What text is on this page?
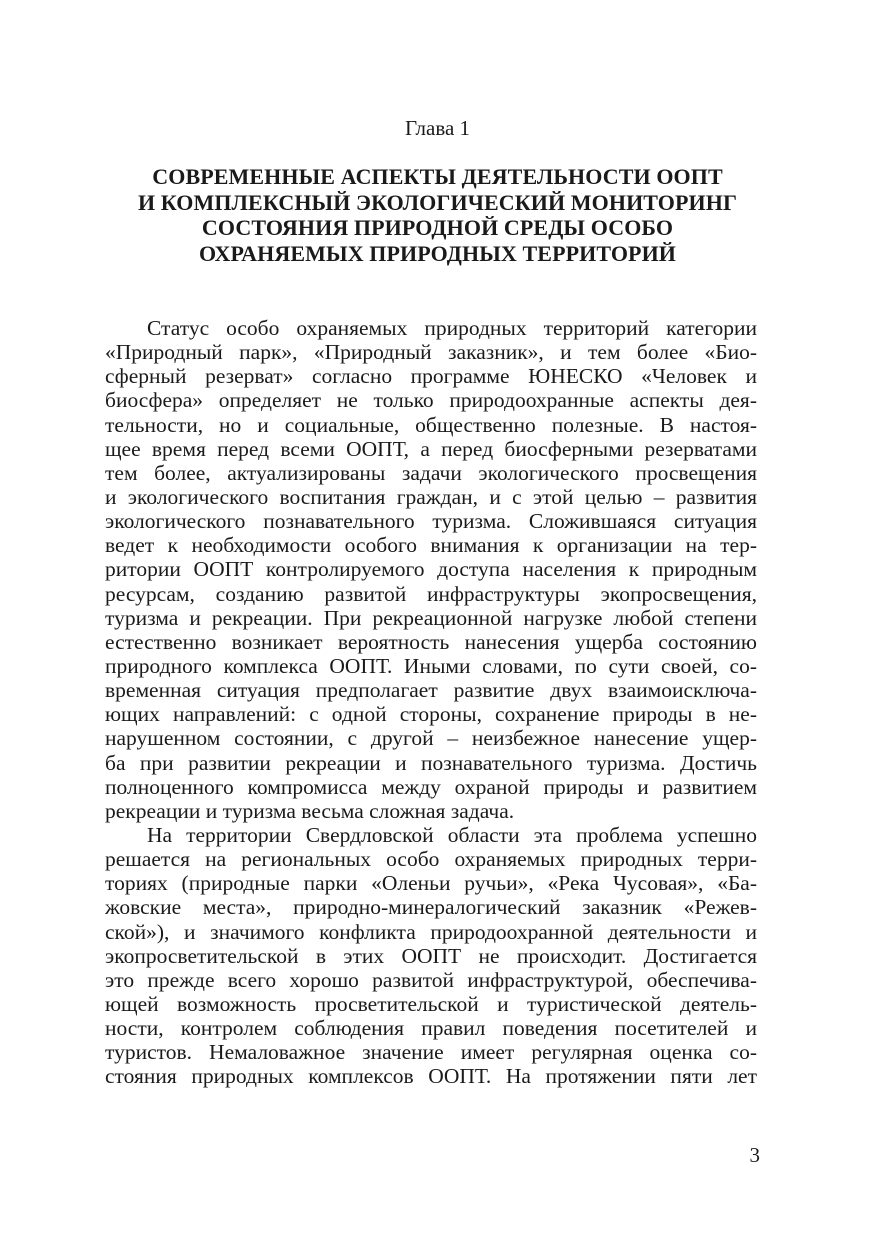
Глава 1
СОВРЕМЕННЫЕ АСПЕКТЫ ДЕЯТЕЛЬНОСТИ ООПТ
И КОМПЛЕКСНЫЙ ЭКОЛОГИЧЕСКИЙ МОНИТОРИНГ
СОСТОЯНИЯ ПРИРОДНОЙ СРЕДЫ ОСОБО
ОХРАНЯЕМЫХ ПРИРОДНЫХ ТЕРРИТОРИЙ
Статус особо охраняемых природных территорий категории
«Природный парк», «Природный заказник», и тем более «Био-
сферный резерват» согласно программе ЮНЕСКО «Человек и
биосфера» определяет не только природоохранные аспекты дея-
тельности, но и социальные, общественно полезные. В настоя-
щее время перед всеми ООПТ, а перед биосферными резерватами
тем более, актуализированы задачи экологического просвещения
и экологического воспитания граждан, и с этой целью – развития
экологического познавательного туризма. Сложившаяся ситуация
ведет к необходимости особого внимания к организации на тер-
ритории ООПТ контролируемого доступа населения к природным
ресурсам, созданию развитой инфраструктуры экопросвещения,
туризма и рекреации. При рекреационной нагрузке любой степени
естественно возникает вероятность нанесения ущерба состоянию
природного комплекса ООПТ. Иными словами, по сути своей, со-
временная ситуация предполагает развитие двух взаимоисключа-
ющих направлений: с одной стороны, сохранение природы в не-
нарушенном состоянии, с другой – неизбежное нанесение ущер-
ба при развитии рекреации и познавательного туризма. Достичь
полноценного компромисса между охраной природы и развитием
рекреации и туризма весьма сложная задача.
На территории Свердловской области эта проблема успешно
решается на региональных особо охраняемых природных терри-
ториях (природные парки «Оленьи ручьи», «Река Чусовая», «Ба-
жовские места», природно-минералогический заказник «Режев-
ской»), и значимого конфликта природоохранной деятельности и
экопросветительской в этих ООПТ не происходит. Достигается
это прежде всего хорошо развитой инфраструктурой, обеспечива-
ющей возможность просветительской и туристической деятель-
ности, контролем соблюдения правил поведения посетителей и
туристов. Немаловажное значение имеет регулярная оценка со-
стояния природных комплексов ООПТ. На протяжении пяти лет
3
